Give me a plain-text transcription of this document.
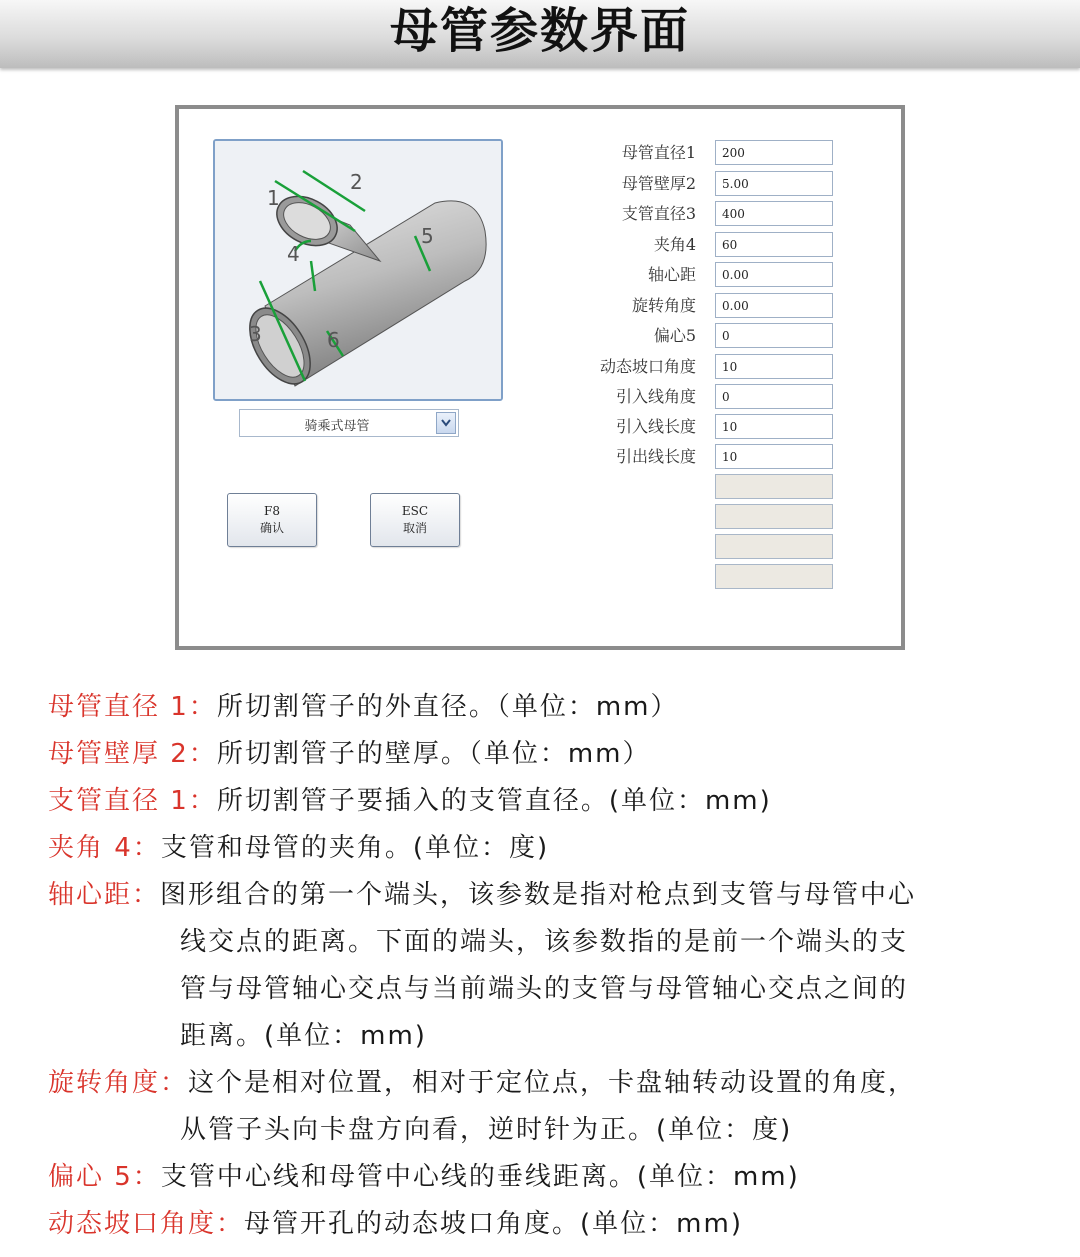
母管参数界面
1
2
3
4
5
6
骑乘式母管
F8
确认
ESC
取消
母管直径1	200
母管壁厚2	5.00
支管直径3	400
夹角4	60
轴心距	0.00
旋转角度	0.00
偏心5	0
动态坡口角度	10
引入线角度	0
引入线长度	10
引出线长度	10
母管直径 1：所切割管子的外直径。（单位：mm）
母管壁厚 2：所切割管子的壁厚。（单位：mm）
支管直径 1：所切割管子要插入的支管直径。(单位：mm)
夹角 4：支管和母管的夹角。(单位：度)
轴心距：图形组合的第一个端头，该参数是指对枪点到支管与母管中心
线交点的距离。下面的端头，该参数指的是前一个端头的支
管与母管轴心交点与当前端头的支管与母管轴心交点之间的
距离。(单位：mm)
旋转角度：这个是相对位置，相对于定位点，卡盘轴转动设置的角度，
从管子头向卡盘方向看，逆时针为正。(单位：度)
偏心 5：支管中心线和母管中心线的垂线距离。(单位：mm)
动态坡口角度：母管开孔的动态坡口角度。(单位：mm)
